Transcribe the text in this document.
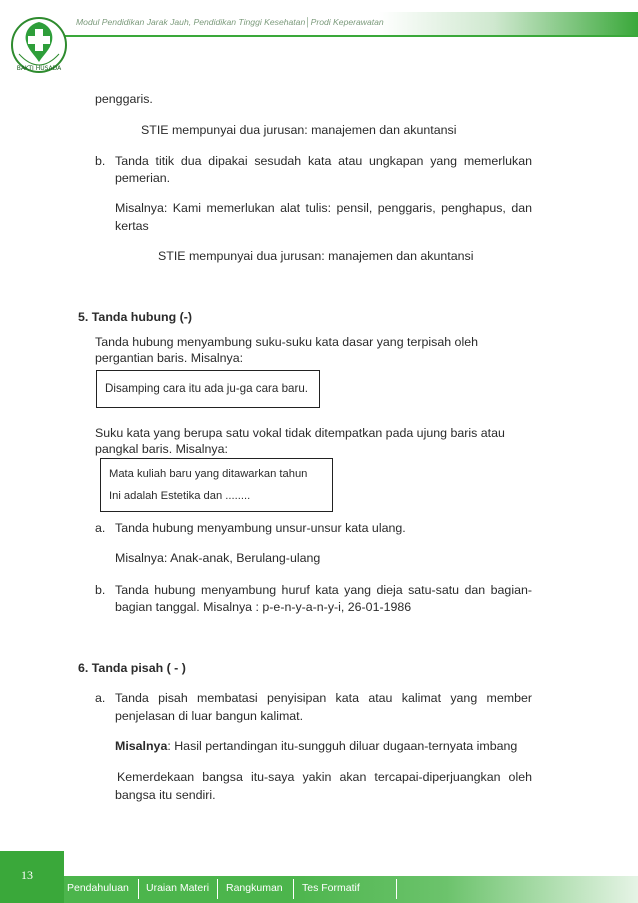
Modul Pendidikan Jarak Jauh, Pendidikan Tinggi Kesehatan│Prodi Keperawatan
BAKTI HUSADA
penggaris.
STIE mempunyai dua jurusan: manajemen dan akuntansi
b. Tanda titik dua dipakai sesudah kata atau ungkapan yang memerlukan
pemerian.
Misalnya: Kami memerlukan alat tulis: pensil, penggaris, penghapus, dan
kertas
STIE mempunyai dua jurusan: manajemen dan akuntansi
5. Tanda hubung (-)
Tanda hubung menyambung suku-suku kata dasar yang terpisah oleh
pergantian baris. Misalnya:
Disamping cara itu ada ju-ga cara baru.
Suku kata yang berupa satu vokal tidak ditempatkan pada ujung baris atau
pangkal baris. Misalnya:
Mata kuliah baru yang ditawarkan tahun
Ini adalah Estetika dan ........
a. Tanda hubung menyambung unsur-unsur kata ulang.
Misalnya: Anak-anak, Berulang-ulang
b. Tanda hubung menyambung huruf kata yang dieja satu-satu dan bagian-
bagian tanggal. Misalnya : p-e-n-y-a-n-y-i, 26-01-1986
6. Tanda pisah ( - )
a. Tanda pisah membatasi penyisipan kata atau kalimat yang member
penjelasan di luar bangun kalimat.
Misalnya: Hasil pertandingan itu-sungguh diluar dugaan-ternyata imbang
Kemerdekaan bangsa itu-saya yakin akan tercapai-diperjuangkan oleh
bangsa itu sendiri.
13
Pendahuluan Uraian Materi Rangkuman Tes Formatif
